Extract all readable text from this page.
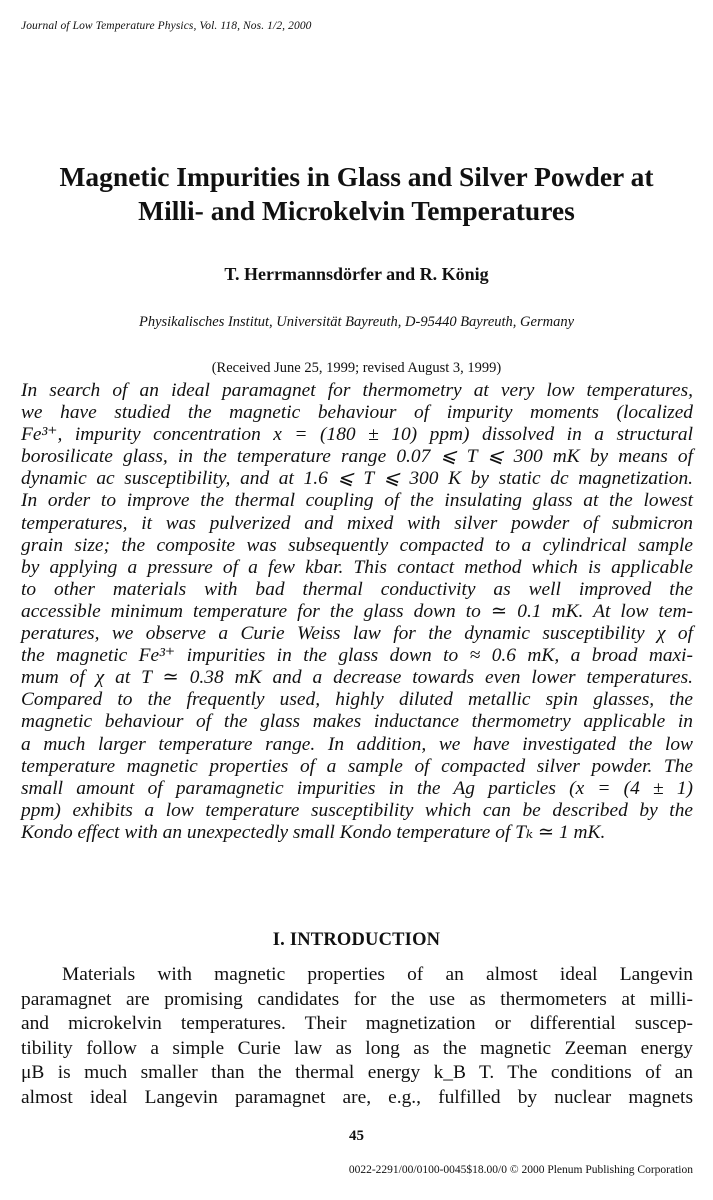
Journal of Low Temperature Physics, Vol. 118, Nos. 1/2, 2000
Magnetic Impurities in Glass and Silver Powder at
Milli- and Microkelvin Temperatures
T. Herrmannsdörfer and R. König
Physikalisches Institut, Universität Bayreuth, D-95440 Bayreuth, Germany
(Received June 25, 1999; revised August 3, 1999)
In search of an ideal paramagnet for thermometry at very low temperatures,
we have studied the magnetic behaviour of impurity moments (localized
Fe³⁺, impurity concentration x = (180 ± 10) ppm) dissolved in a structural
borosilicate glass, in the temperature range 0.07 ⩽ T ⩽ 300 mK by means of
dynamic ac susceptibility, and at 1.6 ⩽ T ⩽ 300 K by static dc magnetization.
In order to improve the thermal coupling of the insulating glass at the lowest
temperatures, it was pulverized and mixed with silver powder of submicron
grain size; the composite was subsequently compacted to a cylindrical sample
by applying a pressure of a few kbar. This contact method which is applicable
to other materials with bad thermal conductivity as well improved the
accessible minimum temperature for the glass down to ≃ 0.1 mK. At low tem-
peratures, we observe a Curie Weiss law for the dynamic susceptibility χ of
the magnetic Fe³⁺ impurities in the glass down to ≈ 0.6 mK, a broad maxi-
mum of χ at T ≃ 0.38 mK and a decrease towards even lower temperatures.
Compared to the frequently used, highly diluted metallic spin glasses, the
magnetic behaviour of the glass makes inductance thermometry applicable in
a much larger temperature range. In addition, we have investigated the low
temperature magnetic properties of a sample of compacted silver powder. The
small amount of paramagnetic impurities in the Ag particles (x = (4 ± 1)
ppm) exhibits a low temperature susceptibility which can be described by the
Kondo effect with an unexpectedly small Kondo temperature of Tₖ ≃ 1 mK.
I. INTRODUCTION
Materials with magnetic properties of an almost ideal Langevin
paramagnet are promising candidates for the use as thermometers at milli-
and microkelvin temperatures. Their magnetization or differential suscep-
tibility follow a simple Curie law as long as the magnetic Zeeman energy
μB is much smaller than the thermal energy k_B T. The conditions of an
almost ideal Langevin paramagnet are, e.g., fulfilled by nuclear magnets
45
0022-2291/00/0100-0045$18.00/0 © 2000 Plenum Publishing Corporation
